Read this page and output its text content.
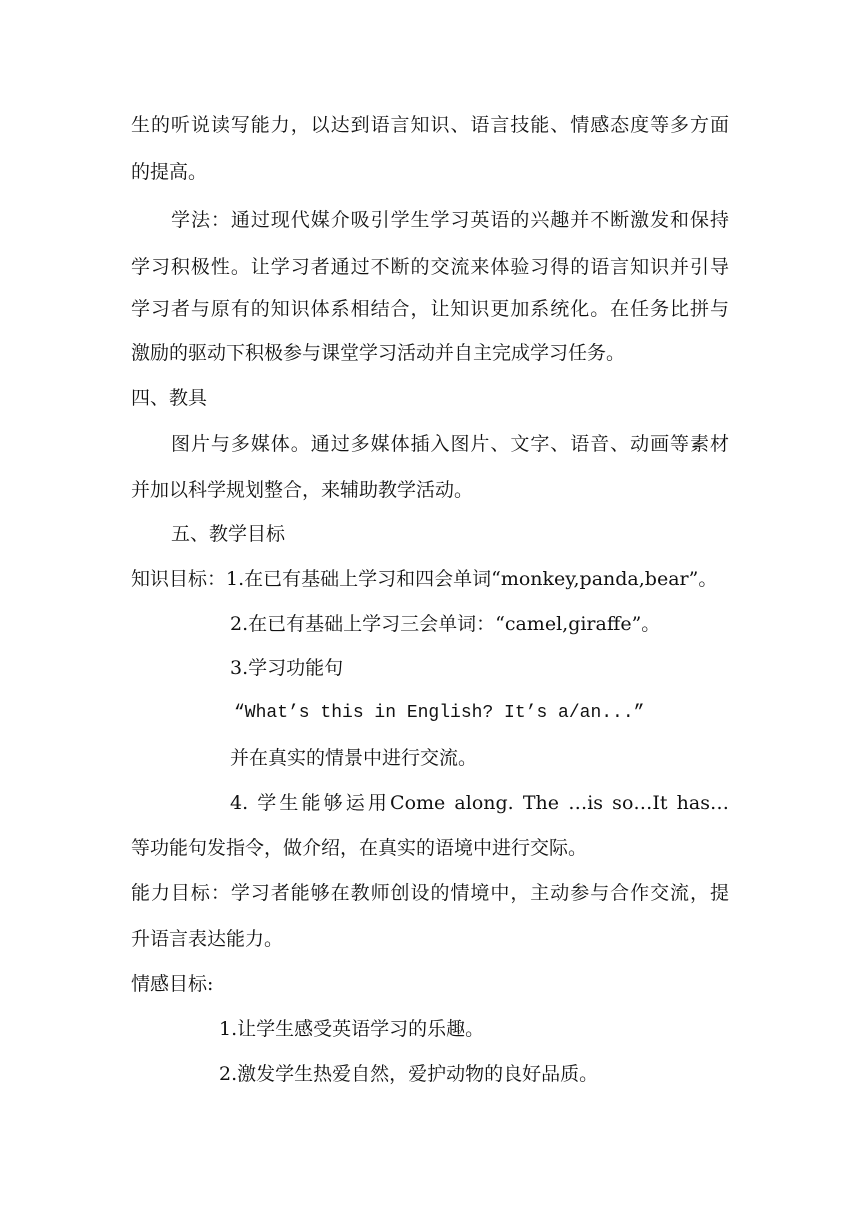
生的听说读写能力，以达到语言知识、语言技能、情感态度等多方面

的提高。

学法：通过现代媒介吸引学生学习英语的兴趣并不断激发和保持

学习积极性。让学习者通过不断的交流来体验习得的语言知识并引导

学习者与原有的知识体系相结合，让知识更加系统化。在任务比拼与

激励的驱动下积极参与课堂学习活动并自主完成学习任务。

四、教具

图片与多媒体。通过多媒体插入图片、文字、语音、动画等素材

并加以科学规划整合，来辅助教学活动。

五、教学目标

知识目标：1.在已有基础上学习和四会单词“monkey,panda,bear”。

2.在已有基础上学习三会单词：“camel,giraffe”。

3.学习功能句

“What’s this in English? It’s a/an...”

并在真实的情景中进行交流。

4. 学生能够运用Come along. The …is so…It has…

等功能句发指令，做介绍，在真实的语境中进行交际。

能力目标：学习者能够在教师创设的情境中，主动参与合作交流，提

升语言表达能力。

情感目标:

1.让学生感受英语学习的乐趣。

2.激发学生热爱自然，爱护动物的良好品质。
